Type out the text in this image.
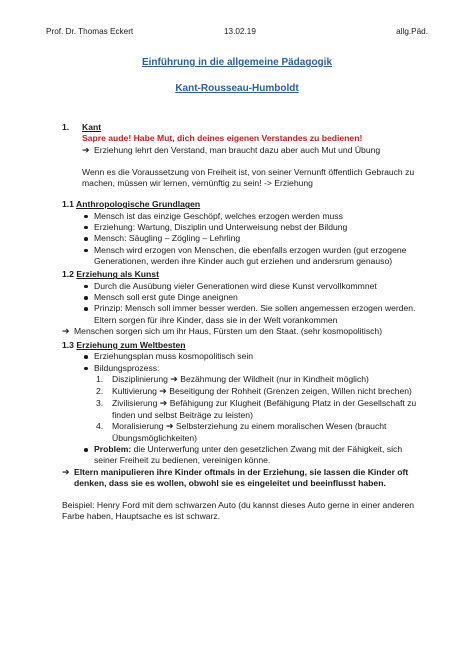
Prof. Dr. Thomas Eckert	13.02.19	allg.Päd.
Einführung in die allgemeine Pädagogik
Kant-Rousseau-Humboldt
1.	Kant
Sapre aude! Habe Mut, dich deines eigenen Verstandes zu bedienen!
➔ Erziehung lehrt den Verstand, man braucht dazu aber auch Mut und Übung
Wenn es die Voraussetzung von Freiheit ist, von seiner Vernunft öffentlich Gebrauch zu machen, müssen wir lernen, vernünftig zu sein! -> Erziehung
1.1 Anthropologische Grundlagen
Mensch ist das einzige Geschöpf, welches erzogen werden muss
Erziehung: Wartung, Disziplin und Unterweisung nebst der Bildung
Mensch: Säugling – Zögling – Lehrling
Mensch wird erzogen von Menschen, die ebenfalls erzogen wurden (gut erzogene Generationen, werden ihre Kinder auch gut erziehen und andersrum genauso)
1.2 Erziehung als Kunst
Durch die Ausübung vieler Generationen wird diese Kunst vervollkommnet
Mensch soll erst gute Dinge aneignen
Prinzip: Mensch soll immer besser werden. Sie sollen angemessen erzogen werden. Eltern sorgen für ihre Kinder, dass sie in der Welt vorankommen
➔ Menschen sorgen sich um ihr Haus, Fürsten um den Staat. (sehr kosmopolitisch)
1.3 Erziehung zum Weltbesten
Erziehungsplan muss kosmopolitisch sein
Bildungsprozess:
1. Disziplinierung ➔ Bezähmung der Wildheit (nur in Kindheit möglich)
2. Kultivierung ➔ Beseitigung der Rohheit (Grenzen zeigen, Willen nicht brechen)
3. Zivilisierung ➔ Befähigung zur Klugheit (Befähigung Platz in der Gesellschaft zu finden und selbst Beiträge zu leisten)
4. Moralisierung ➔ Selbsterziehung zu einem moralischen Wesen (braucht Übungsmöglichkeiten)
Problem: die Unterwerfung unter den gesetzlichen Zwang mit der Fähigkeit, sich seiner Freiheit zu bedienen, vereinigen könne.
➔ Eltern manipulieren ihre Kinder oftmals in der Erziehung, sie lassen die Kinder oft denken, dass sie es wollen, obwohl sie es eingeleitet und beeinflusst haben.
Beispiel: Henry Ford mit dem schwarzen Auto (du kannst dieses Auto gerne in einer anderen Farbe haben, Hauptsache es ist schwarz.
